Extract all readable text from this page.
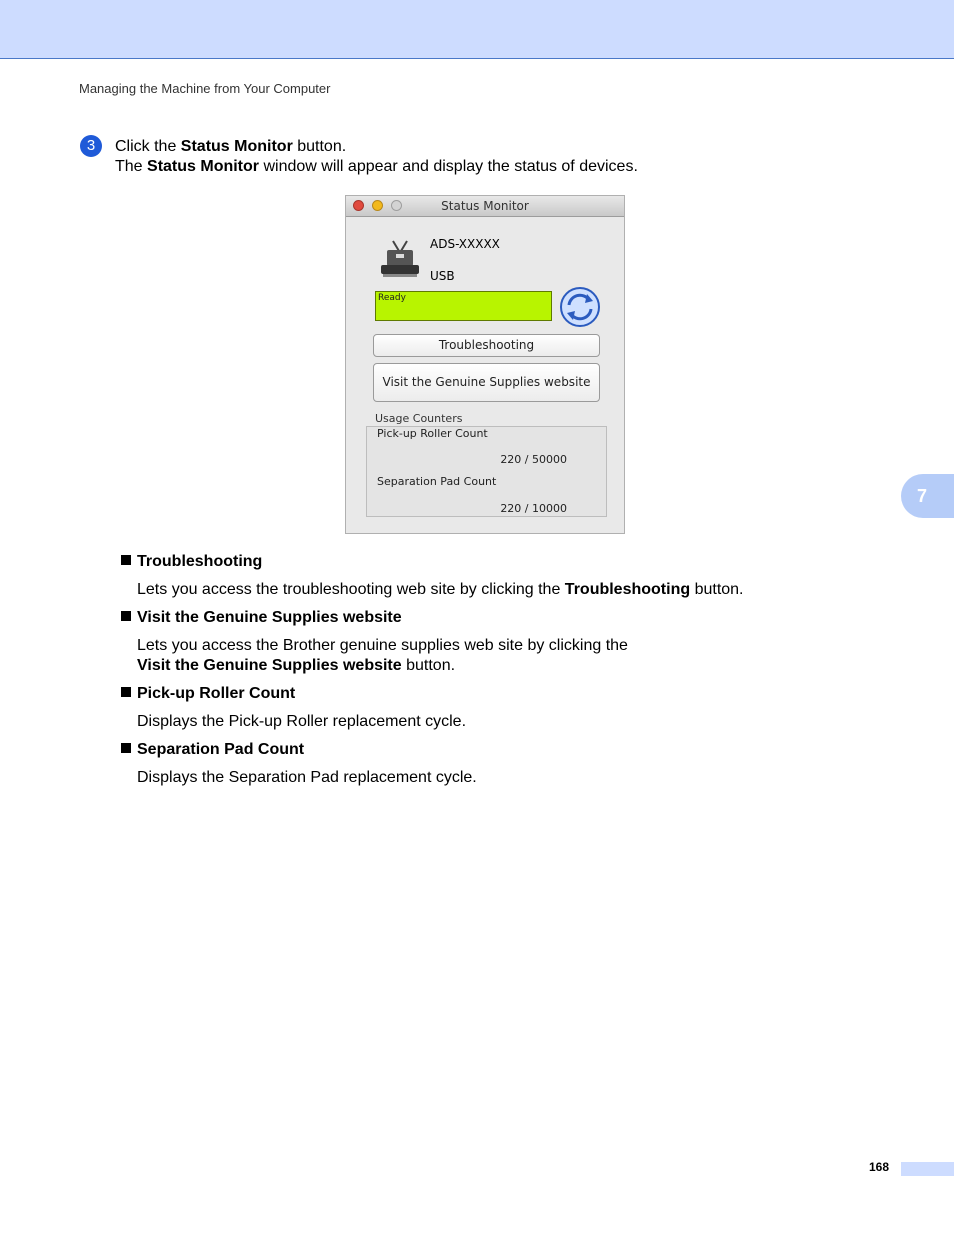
Managing the Machine from Your Computer
3	Click the Status Monitor button.
The Status Monitor window will appear and display the status of devices.
Status Monitor
ADS-XXXXX
USB
Ready
Troubleshooting
Visit the Genuine Supplies website
Usage Counters
Pick-up Roller Count
220 / 50000
Separation Pad Count
220 / 10000
Troubleshooting
Lets you access the troubleshooting web site by clicking the Troubleshooting button.
Visit the Genuine Supplies website
Lets you access the Brother genuine supplies web site by clicking the
Visit the Genuine Supplies website button.
Pick-up Roller Count
Displays the Pick-up Roller replacement cycle.
Separation Pad Count
Displays the Separation Pad replacement cycle.
7
168
